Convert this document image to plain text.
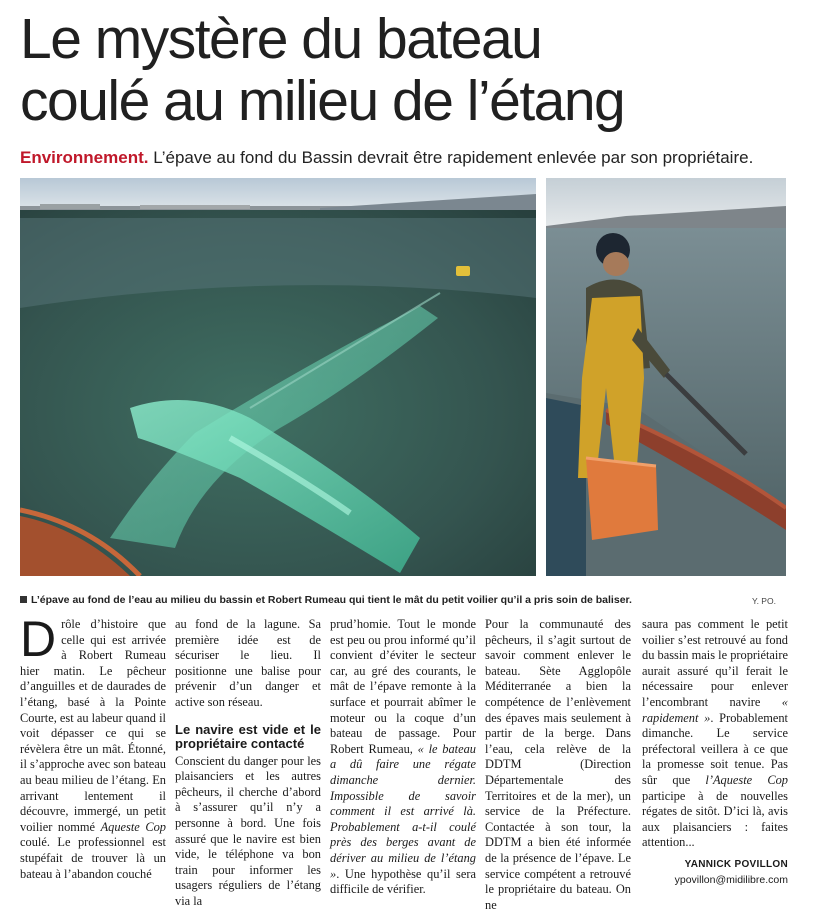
Le mystère du bateau
coulé au milieu de l’étang
Environnement. L’épave au fond du Bassin devrait être rapidement enlevée par son propriétaire.
L’épave au fond de l’eau au milieu du bassin et Robert Rumeau qui tient le mât du petit voilier qu’il a pris soin de baliser.	Y. PO.

Drôle d’histoire que celle qui est arrivée à Robert Rumeau hier matin. Le pêcheur d’anguilles et de daurades de l’étang, basé à la Pointe Courte, est au labeur quand il voit dépasser ce qui se révèlera être un mât. Étonné, il s’approche avec son bateau au beau milieu de l’étang. En arrivant lentement il découvre, immergé, un petit voilier nommé Aqueste Cop coulé. Le professionnel est stupéfait de trouver là un bateau à l’abandon couché

au fond de la lagune. Sa première idée est de sécuriser le lieu. Il positionne une balise pour prévenir d’un danger et active son réseau.

Le navire est vide et le propriétaire contacté

Conscient du danger pour les plaisanciers et les autres pêcheurs, il cherche d’abord à s’assurer qu’il n’y a personne à bord. Une fois assuré que le navire est bien vide, le téléphone va bon train pour informer les usagers réguliers de l’étang via la

prud’homie. Tout le monde est peu ou prou informé qu’il convient d’éviter le secteur car, au gré des courants, le mât de l’épave remonte à la surface et pourrait abîmer le moteur ou la coque d’un bateau de passage. Pour Robert Rumeau, « le bateau a dû faire une régate dimanche dernier. Impossible de savoir comment il est arrivé là. Probablement a-t-il coulé près des berges avant de dériver au milieu de l’étang ». Une hypothèse qu’il sera difficile de vérifier.

Pour la communauté des pêcheurs, il s’agit surtout de savoir comment enlever le bateau. Sète Agglopôle Méditerranée a bien la compétence de l’enlèvement des épaves mais seulement à partir de la berge. Dans l’eau, cela relève de la DDTM (Direction Départementale des Territoires et de la mer), un service de la Préfecture. Contactée à son tour, la DDTM a bien été informée de la présence de l’épave. Le service compétent a retrouvé le propriétaire du bateau. On ne

saura pas comment le petit voilier s’est retrouvé au fond du bassin mais le propriétaire aurait assuré qu’il ferait le nécessaire pour enlever l’encombrant navire « rapidement ». Probablement dimanche. Le service préfectoral veillera à ce que la promesse soit tenue. Pas sûr que l’Aqueste Cop participe à de nouvelles régates de sitôt. D’ici là, avis aux plaisanciers : faites attention...

YANNICK POVILLON
ypovillon@midilibre.com
